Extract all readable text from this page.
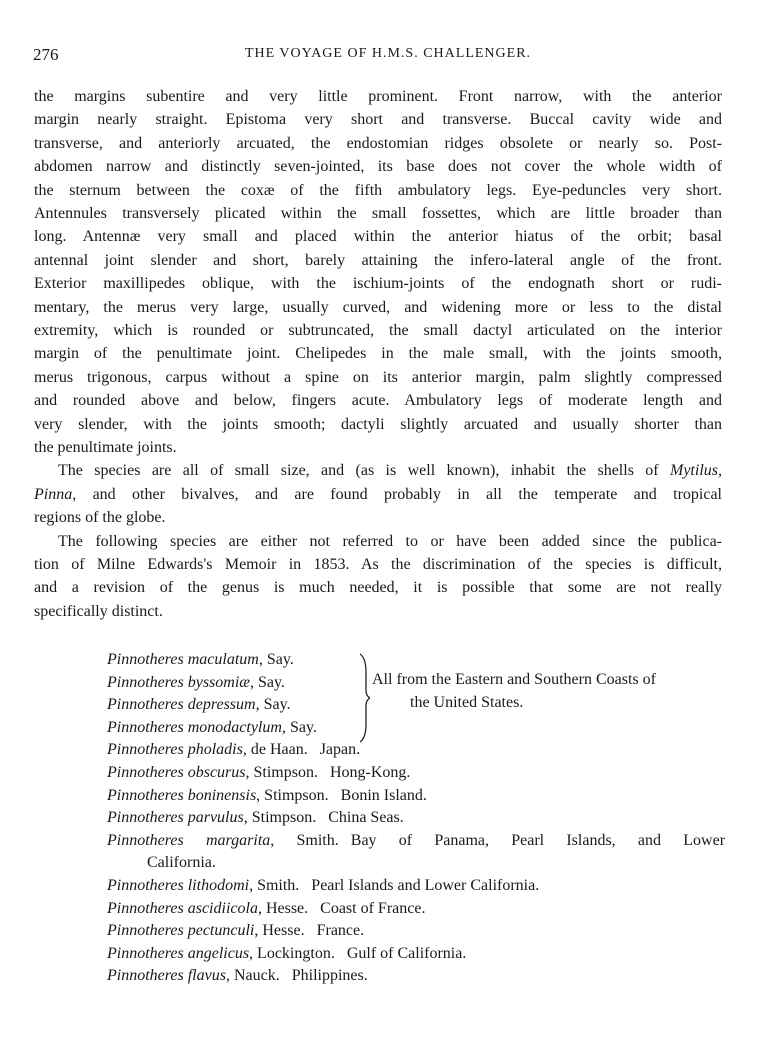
276	THE VOYAGE OF H.M.S. CHALLENGER.
the margins subentire and very little prominent. Front narrow, with the anterior
margin nearly straight. Epistoma very short and transverse. Buccal cavity wide and
transverse, and anteriorly arcuated, the endostomian ridges obsolete or nearly so. Post-
abdomen narrow and distinctly seven-jointed, its base does not cover the whole width of
the sternum between the coxæ of the fifth ambulatory legs. Eye-peduncles very short.
Antennules transversely plicated within the small fossettes, which are little broader than
long. Antennæ very small and placed within the anterior hiatus of the orbit; basal
antennal joint slender and short, barely attaining the infero-lateral angle of the front.
Exterior maxillipedes oblique, with the ischium-joints of the endognath short or rudi-
mentary, the merus very large, usually curved, and widening more or less to the distal
extremity, which is rounded or subtruncated, the small dactyl articulated on the interior
margin of the penultimate joint. Chelipedes in the male small, with the joints smooth,
merus trigonous, carpus without a spine on its anterior margin, palm slightly compressed
and rounded above and below, fingers acute. Ambulatory legs of moderate length and
very slender, with the joints smooth; dactyli slightly arcuated and usually shorter than
the penultimate joints.
The species are all of small size, and (as is well known), inhabit the shells of Mytilus,
Pinna, and other bivalves, and are found probably in all the temperate and tropical
regions of the globe.
The following species are either not referred to or have been added since the publica-
tion of Milne Edwards's Memoir in 1853. As the discrimination of the species is difficult,
and a revision of the genus is much needed, it is possible that some are not really
specifically distinct.
Pinnotheres maculatum, Say.
Pinnotheres byssomiæ, Say.
Pinnotheres depressum, Say.
Pinnotheres monodactylum, Say.
Pinnotheres pholadis, de Haan. Japan.
Pinnotheres obscurus, Stimpson. Hong-Kong.
Pinnotheres boninensis, Stimpson. Bonin Island.
Pinnotheres parvulus, Stimpson. China Seas.
Pinnotheres margarita, Smith. Bay of Panama, Pearl Islands, and Lower
California.
Pinnotheres lithodomi, Smith. Pearl Islands and Lower California.
Pinnotheres ascidiicola, Hesse. Coast of France.
Pinnotheres pectunculi, Hesse. France.
Pinnotheres angelicus, Lockington. Gulf of California.
Pinnotheres flavus, Nauck. Philippines.
All from the Eastern and Southern Coasts of
the United States.
